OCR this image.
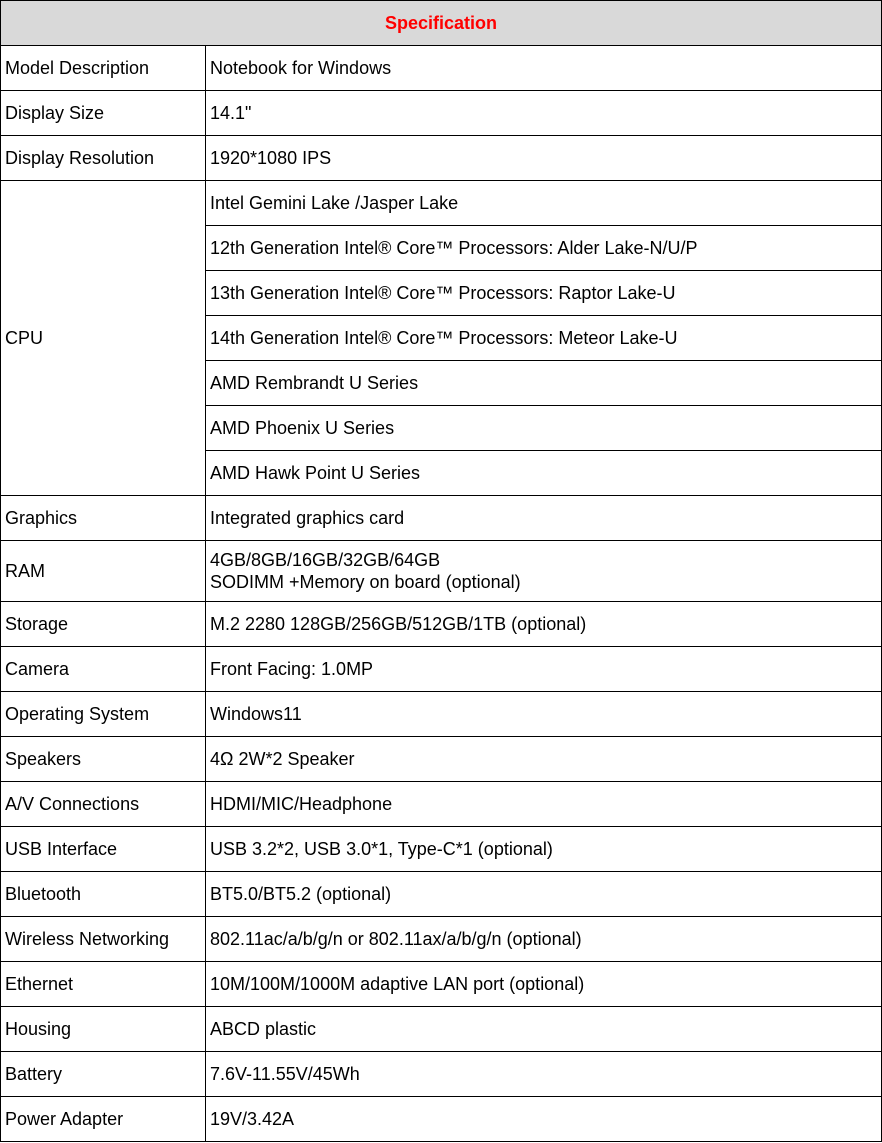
Specification	
Model Description	Notebook for Windows
Display Size	14.1"
Display Resolution	1920*1080 IPS
CPU	Intel Gemini Lake /Jasper Lake
	12th Generation Intel® Core™ Processors: Alder Lake-N/U/P
	13th Generation Intel® Core™ Processors: Raptor Lake-U
	14th Generation Intel® Core™ Processors: Meteor Lake-U
	AMD Rembrandt U Series
	AMD Phoenix U Series
	AMD Hawk Point U Series
Graphics	Integrated graphics card
RAM	4GB/8GB/16GB/32GB/64GB
SODIMM +Memory on board (optional)

Storage	M.2 2280 128GB/256GB/512GB/1TB (optional)
Camera	Front Facing: 1.0MP
Operating System	Windows11
Speakers	4Ω 2W*2 Speaker
A/V Connections	HDMI/MIC/Headphone
USB Interface	USB 3.2*2, USB 3.0*1, Type-C*1 (optional)
Bluetooth	BT5.0/BT5.2 (optional)
Wireless Networking	802.11ac/a/b/g/n or 802.11ax/a/b/g/n (optional)
Ethernet	10M/100M/1000M adaptive LAN port (optional)
Housing	ABCD plastic
Battery	7.6V-11.55V/45Wh
Power Adapter	19V/3.42A
